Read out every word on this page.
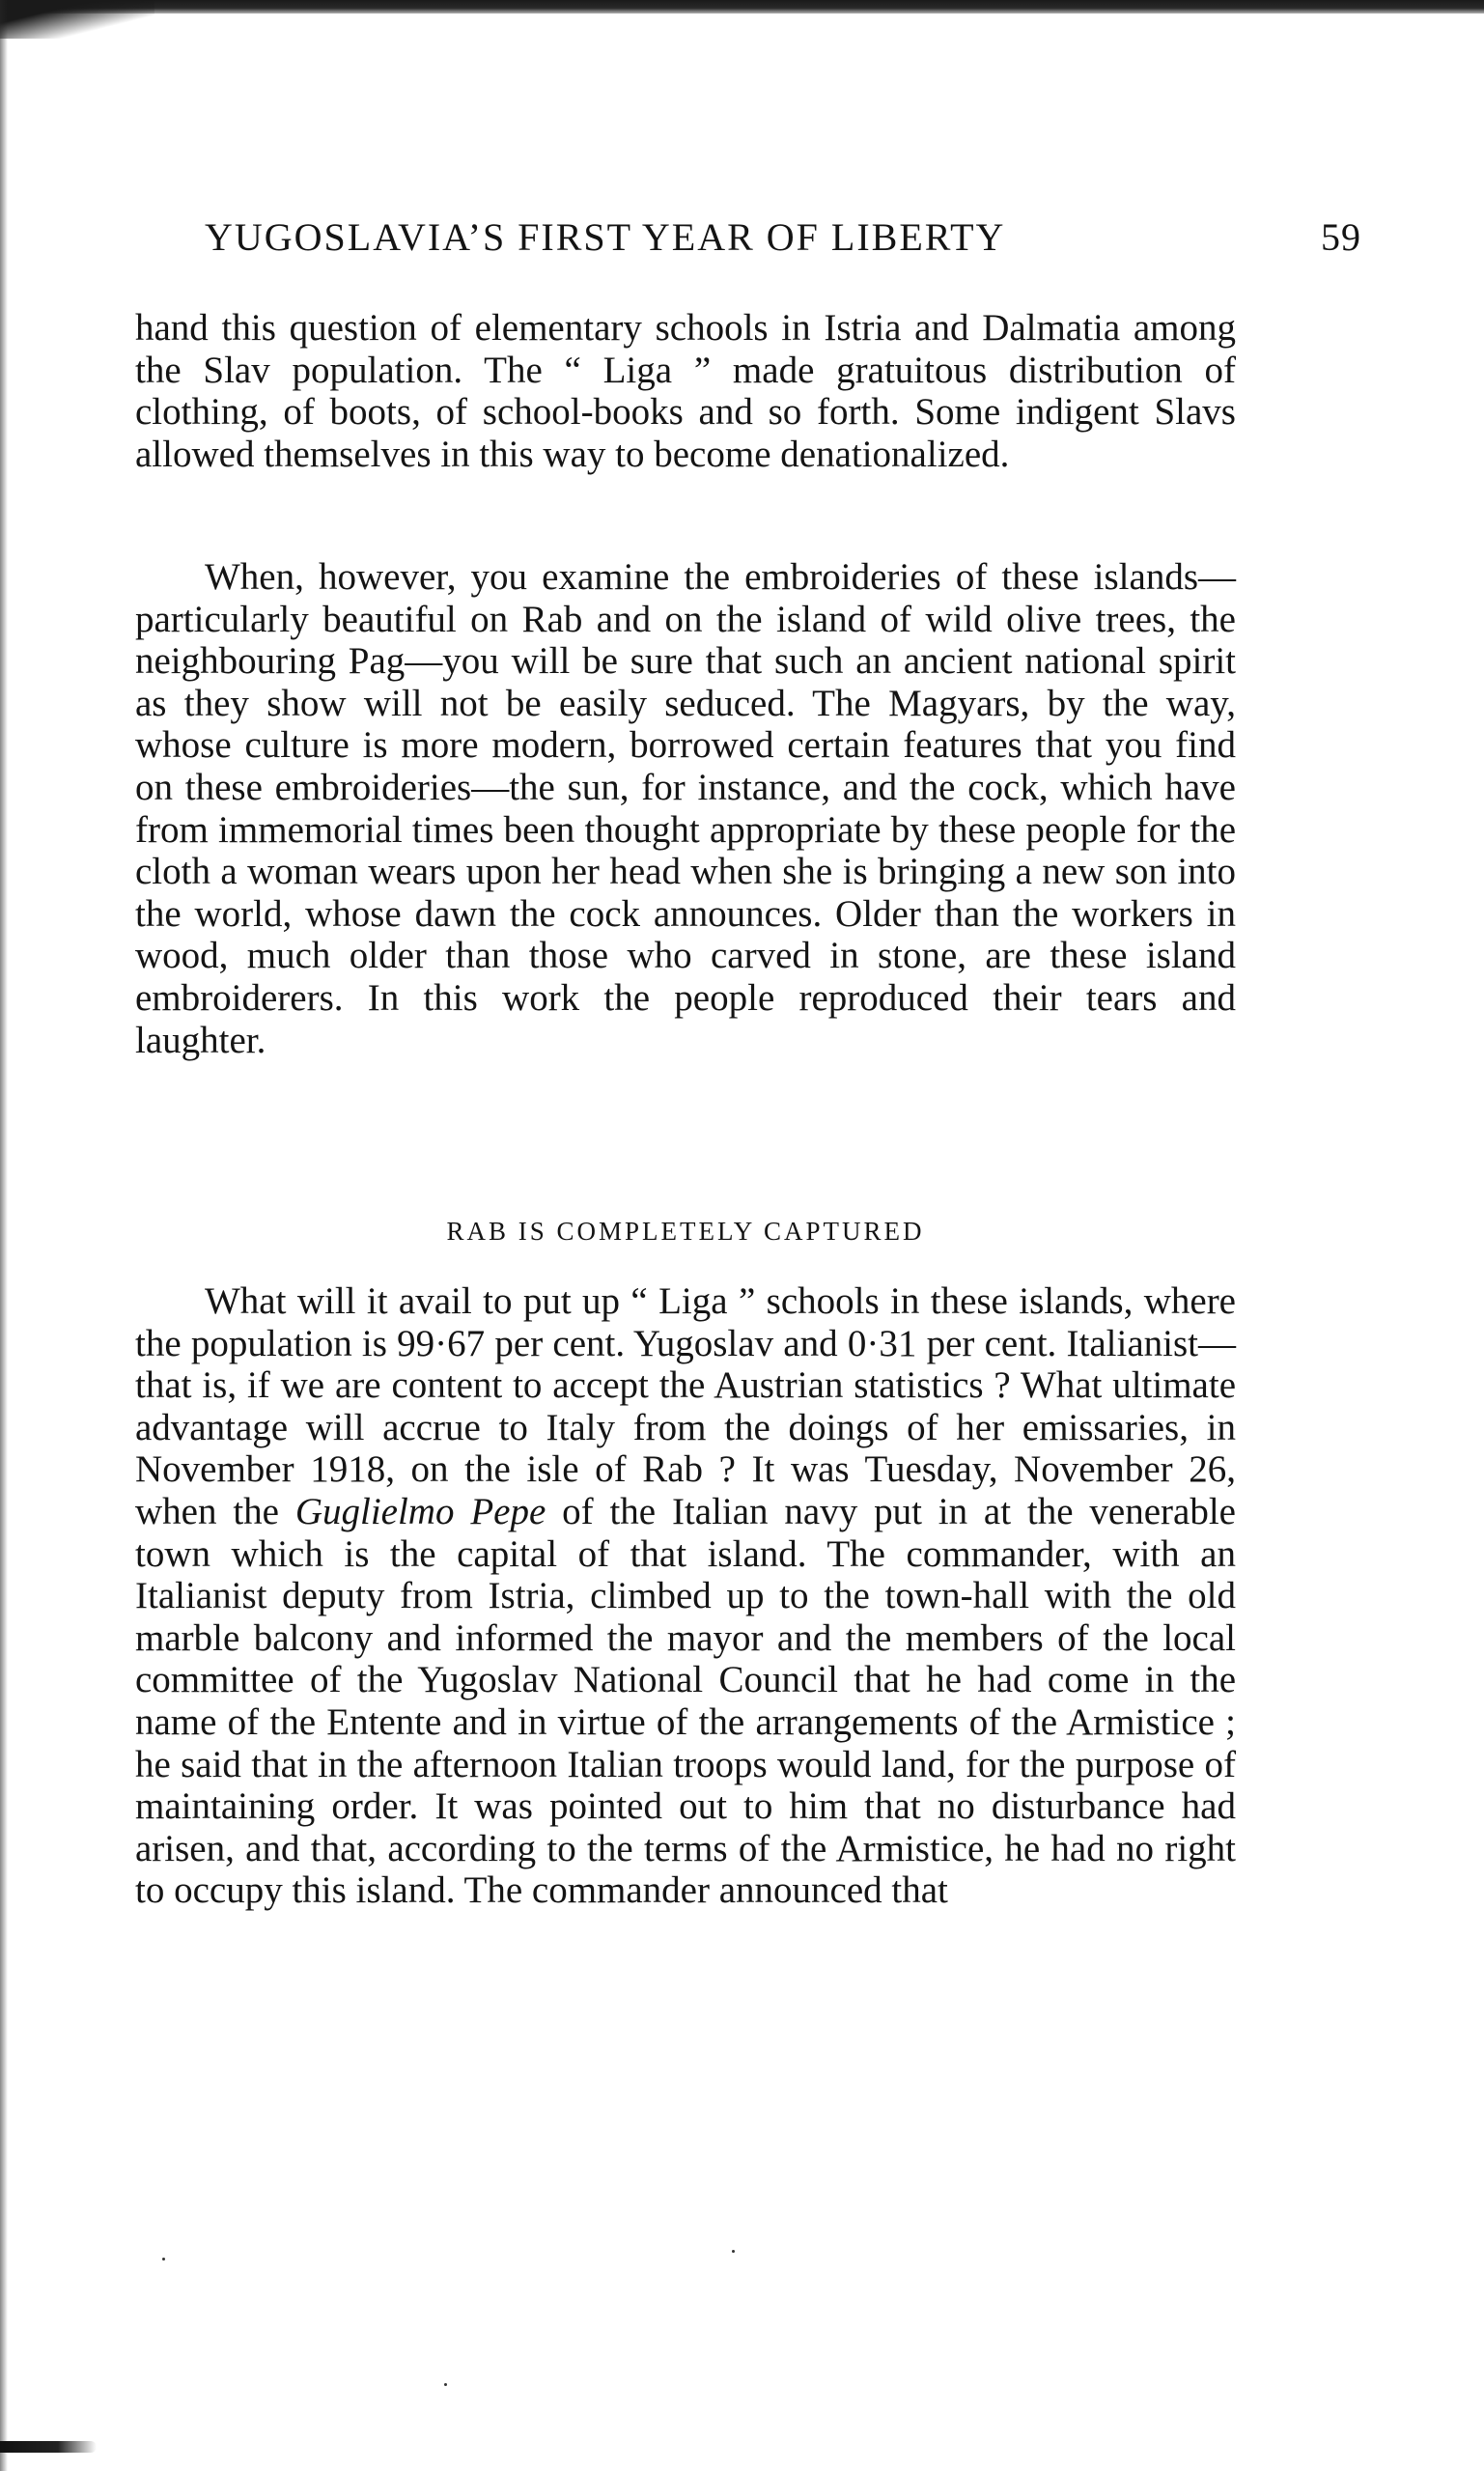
YUGOSLAVIA’S FIRST YEAR OF LIBERTY	59

hand this question of elementary schools in Istria and Dalmatia among the Slav population. The “ Liga ” made gratuitous distribution of clothing, of boots, of school-books and so forth. Some indigent Slavs allowed themselves in this way to become denationalized.

When, however, you examine the embroideries of these islands—particularly beautiful on Rab and on the island of wild olive trees, the neighbouring Pag—you will be sure that such an ancient national spirit as they show will not be easily seduced. The Magyars, by the way, whose culture is more modern, borrowed certain features that you find on these embroideries—the sun, for instance, and the cock, which have from immemorial times been thought appropriate by these people for the cloth a woman wears upon her head when she is bringing a new son into the world, whose dawn the cock announces. Older than the workers in wood, much older than those who carved in stone, are these island embroiderers. In this work the people reproduced their tears and laughter.

RAB IS COMPLETELY CAPTURED

What will it avail to put up “ Liga ” schools in these islands, where the population is 99·67 per cent. Yugoslav and 0·31 per cent. Italianist—that is, if we are content to accept the Austrian statistics ? What ultimate advantage will accrue to Italy from the doings of her emissaries, in November 1918, on the isle of Rab ? It was Tuesday, November 26, when the Guglielmo Pepe of the Italian navy put in at the venerable town which is the capital of that island. The commander, with an Italianist deputy from Istria, climbed up to the town-hall with the old marble balcony and informed the mayor and the members of the local committee of the Yugoslav National Council that he had come in the name of the Entente and in virtue of the arrangements of the Armistice ; he said that in the afternoon Italian troops would land, for the purpose of maintaining order. It was pointed out to him that no disturbance had arisen, and that, according to the terms of the Armistice, he had no right to occupy this island. The commander announced that
